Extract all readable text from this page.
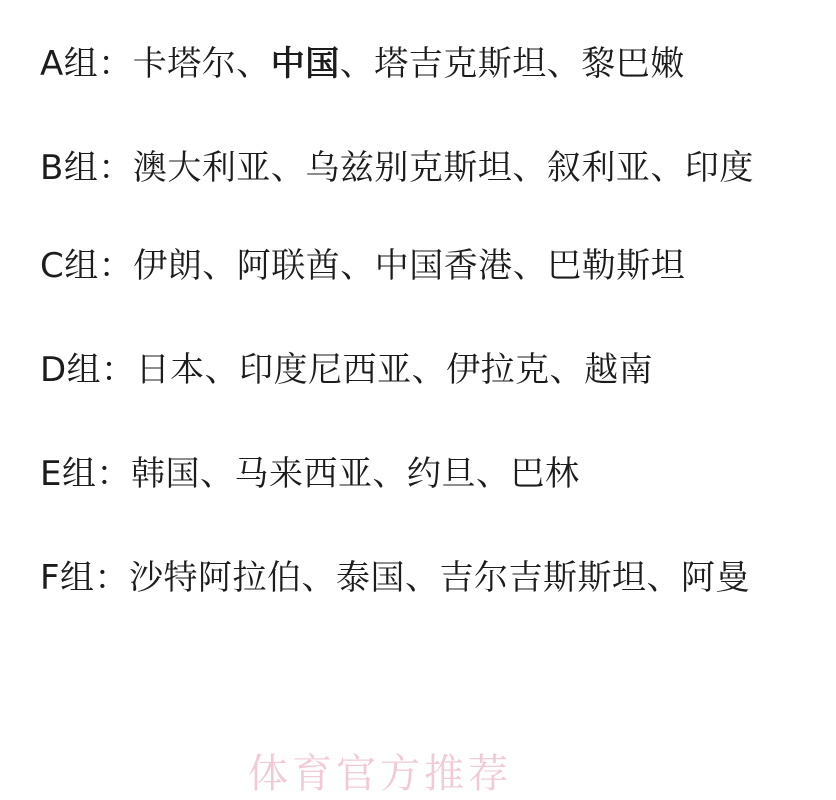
A组：卡塔尔、中国、塔吉克斯坦、黎巴嫩

B组：澳大利亚、乌兹别克斯坦、叙利亚、印度

C组：伊朗、阿联酋、中国香港、巴勒斯坦

D组：日本、印度尼西亚、伊拉克、越南

E组：韩国、马来西亚、约旦、巴林

F组：沙特阿拉伯、泰国、吉尔吉斯斯坦、阿曼

体育官方推荐
